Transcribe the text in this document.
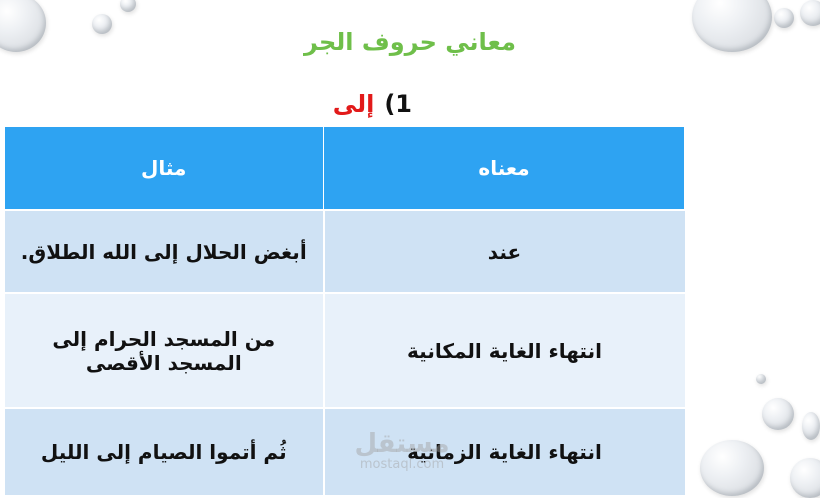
معاني حروف الجر
1)
إلى
معناه	مثال
عند	أبغض الحلال إلى الله الطلاق.
انتهاء الغاية المكانية	من المسجد الحرام إلى المسجد الأقصى
انتهاء الغاية الزمانية	ثُم أتموا الصيام إلى الليل	مستقل
mostaql.com
